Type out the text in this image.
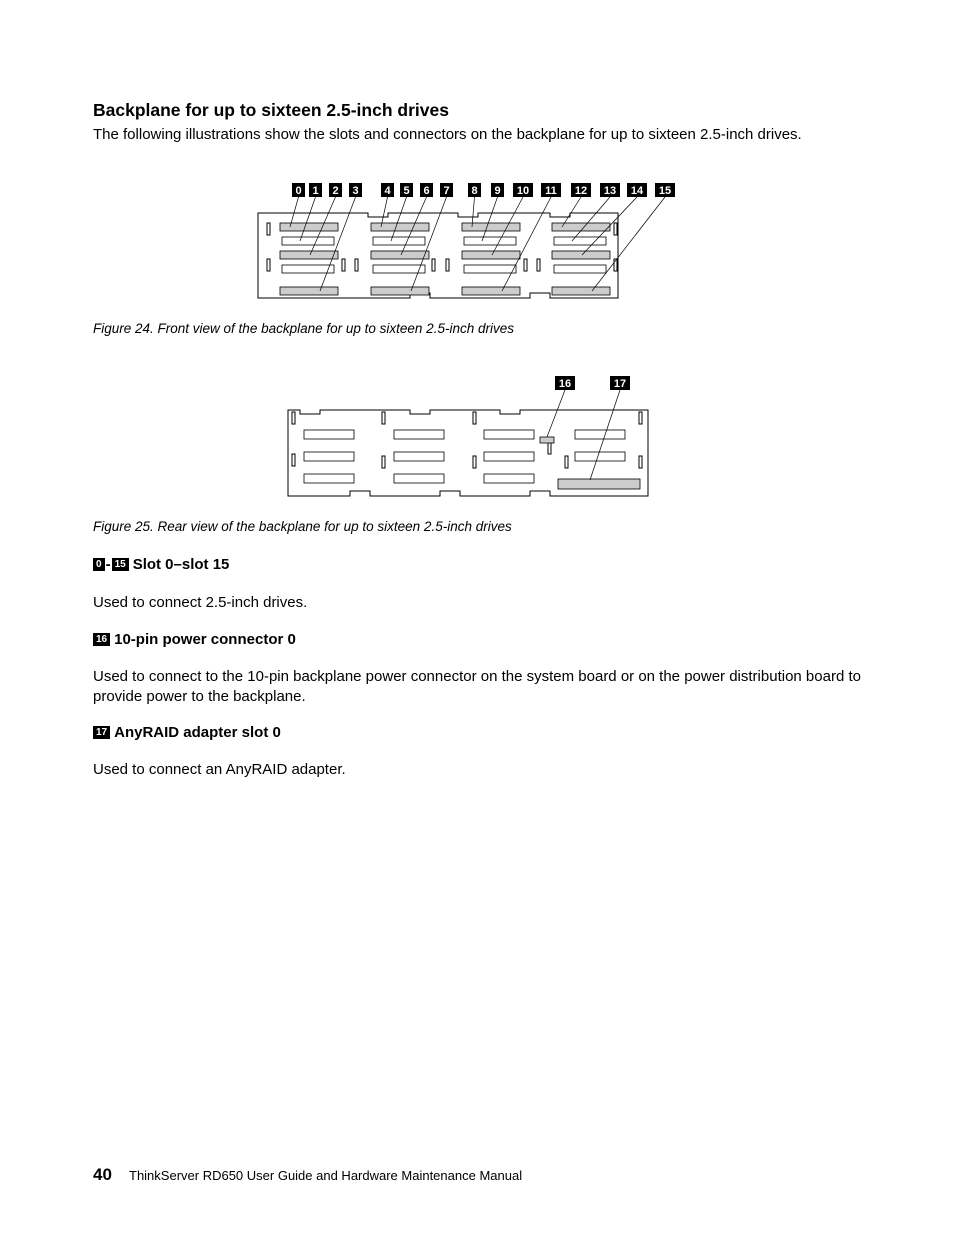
Backplane for up to sixteen 2.5-inch drives
The following illustrations show the slots and connectors on the backplane for up to sixteen 2.5-inch drives.
0 1 2 3 4 5 6 7 8 9 10 11 12 13 14 15
Figure 24. Front view of the backplane for up to sixteen 2.5-inch drives
16	17
Figure 25. Rear view of the backplane for up to sixteen 2.5-inch drives
0 - 15 Slot 0–slot 15
Used to connect 2.5-inch drives.
16 10-pin power connector 0
Used to connect to the 10-pin backplane power connector on the system board or on the power distribution board to provide power to the backplane.
17 AnyRAID adapter slot 0
Used to connect an AnyRAID adapter.
40 ThinkServer RD650 User Guide and Hardware Maintenance Manual
